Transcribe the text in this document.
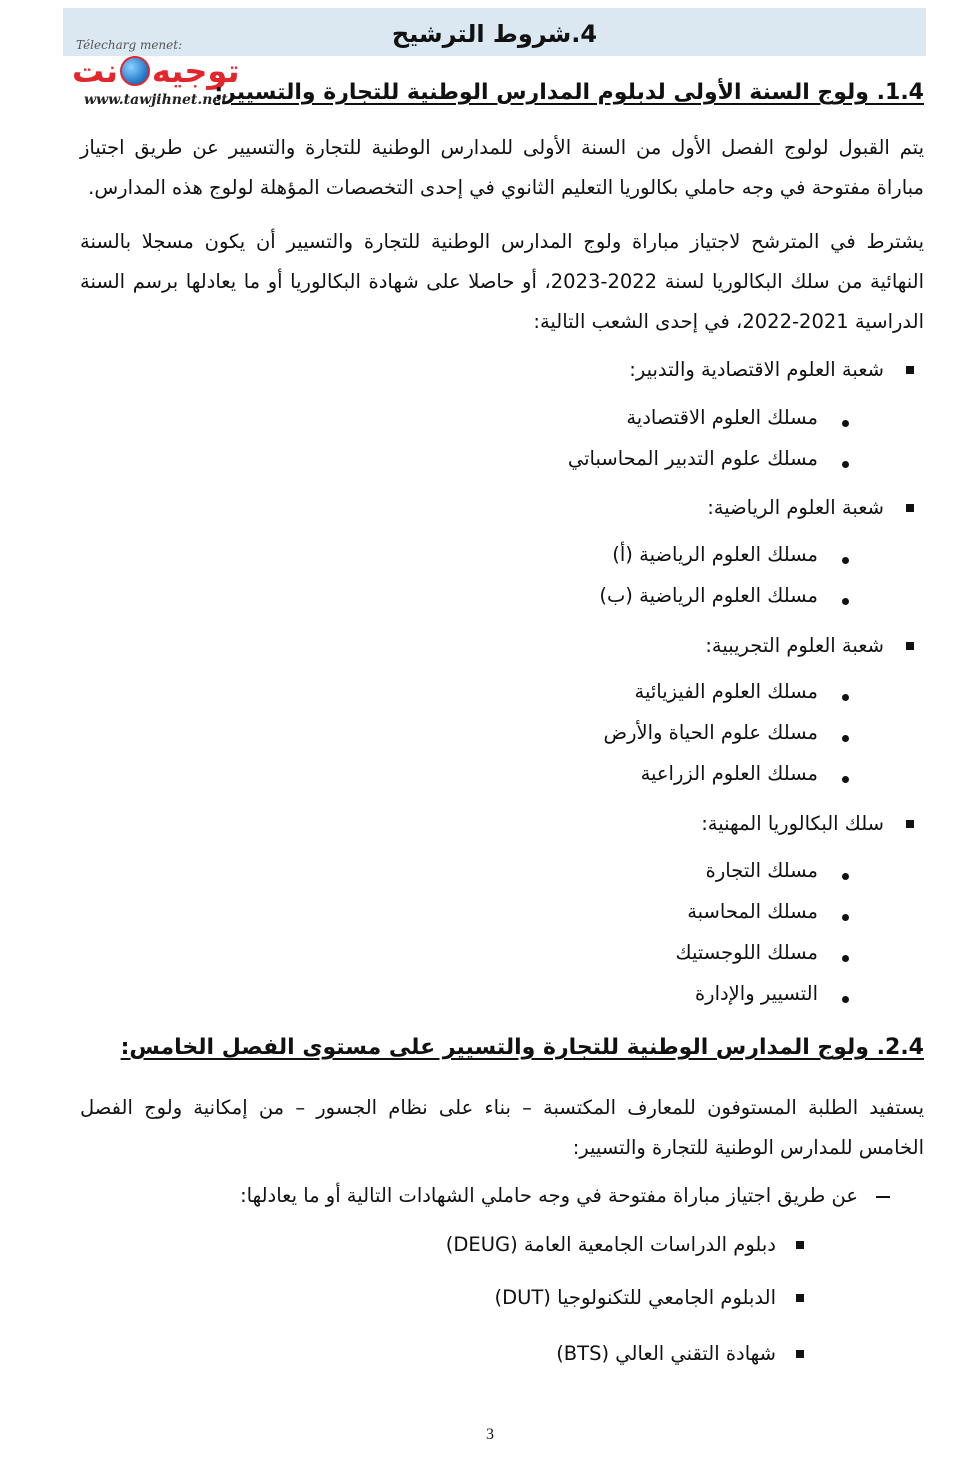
4.شروط الترشيح
Télecharg menet:
توجيه
نت
www.tawjihnet.net
1.4. ولوج السنة الأولى لدبلوم المدارس الوطنية للتجارة والتسيير:
يتم القبول لولوج الفصل الأول من السنة الأولى للمدارس الوطنية للتجارة والتسيير عن طريق اجتياز مباراة مفتوحة في وجه حاملي بكالوريا التعليم الثانوي في إحدى التخصصات المؤهلة لولوج هذه المدارس.
يشترط في المترشح لاجتياز مباراة ولوج المدارس الوطنية للتجارة والتسيير أن يكون مسجلا بالسنة النهائية من سلك البكالوريا لسنة 2022-2023، أو حاصلا على شهادة البكالوريا أو ما يعادلها برسم السنة الدراسية 2021-2022، في إحدى الشعب التالية:
شعبة العلوم الاقتصادية والتدبير:
مسلك العلوم الاقتصادية
مسلك علوم التدبير المحاسباتي
شعبة العلوم الرياضية:
مسلك العلوم الرياضية (أ)
مسلك العلوم الرياضية (ب)
شعبة العلوم التجريبية:
مسلك العلوم الفيزيائية
مسلك علوم الحياة والأرض
مسلك العلوم الزراعية
سلك البكالوريا المهنية:
مسلك التجارة
مسلك المحاسبة
مسلك اللوجستيك
التسيير والإدارة
2.4. ولوج المدارس الوطنية للتجارة والتسيير على مستوى الفصل الخامس:
يستفيد الطلبة المستوفون للمعارف المكتسبة – بناء على نظام الجسور – من إمكانية ولوج الفصل الخامس للمدارس الوطنية للتجارة والتسيير:
عن طريق اجتياز مباراة مفتوحة في وجه حاملي الشهادات التالية أو ما يعادلها:
دبلوم الدراسات الجامعية العامة (DEUG)
الدبلوم الجامعي للتكنولوجيا (DUT)
شهادة التقني العالي (BTS)
3
